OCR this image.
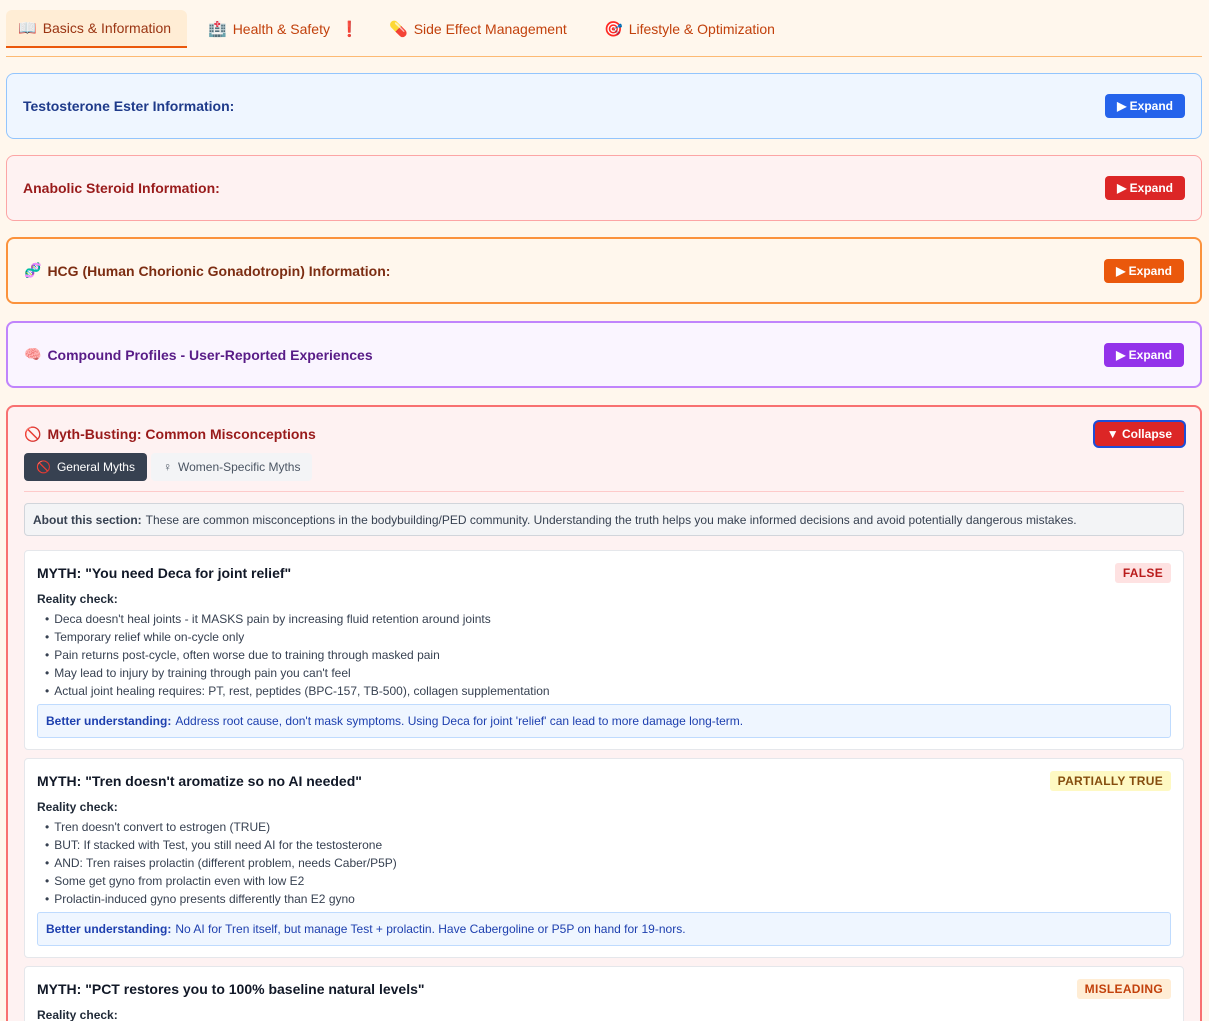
📖 Basics & Information 🏥 Health & Safety ❗ 💊 Side Effect Management 🎯 Lifestyle & Optimization
Testosterone Ester Information:	▶ Expand
Anabolic Steroid Information:	▶ Expand
🧬 HCG (Human Chorionic Gonadotropin) Information:	▶ Expand
🧠 Compound Profiles - User-Reported Experiences	▶ Expand
🚫 Myth-Busting: Common Misconceptions	▼ Collapse
🚫 General Myths ♀ Women-Specific Myths
About this section: These are common misconceptions in the bodybuilding/PED community. Understanding the truth helps you make informed decisions and avoid potentially dangerous mistakes.
MYTH: "You need Deca for joint relief"	FALSE
Reality check:
• Deca doesn't heal joints - it MASKS pain by increasing fluid retention around joints
• Temporary relief while on-cycle only
• Pain returns post-cycle, often worse due to training through masked pain
• May lead to injury by training through pain you can't feel
• Actual joint healing requires: PT, rest, peptides (BPC-157, TB-500), collagen supplementation
Better understanding: Address root cause, don't mask symptoms. Using Deca for joint 'relief' can lead to more damage long-term.
MYTH: "Tren doesn't aromatize so no AI needed"	PARTIALLY TRUE
Reality check:
• Tren doesn't convert to estrogen (TRUE)
• BUT: If stacked with Test, you still need AI for the testosterone
• AND: Tren raises prolactin (different problem, needs Caber/P5P)
• Some get gyno from prolactin even with low E2
• Prolactin-induced gyno presents differently than E2 gyno
Better understanding: No AI for Tren itself, but manage Test + prolactin. Have Cabergoline or P5P on hand for 19-nors.
MYTH: "PCT restores you to 100% baseline natural levels"	MISLEADING
Reality check:
